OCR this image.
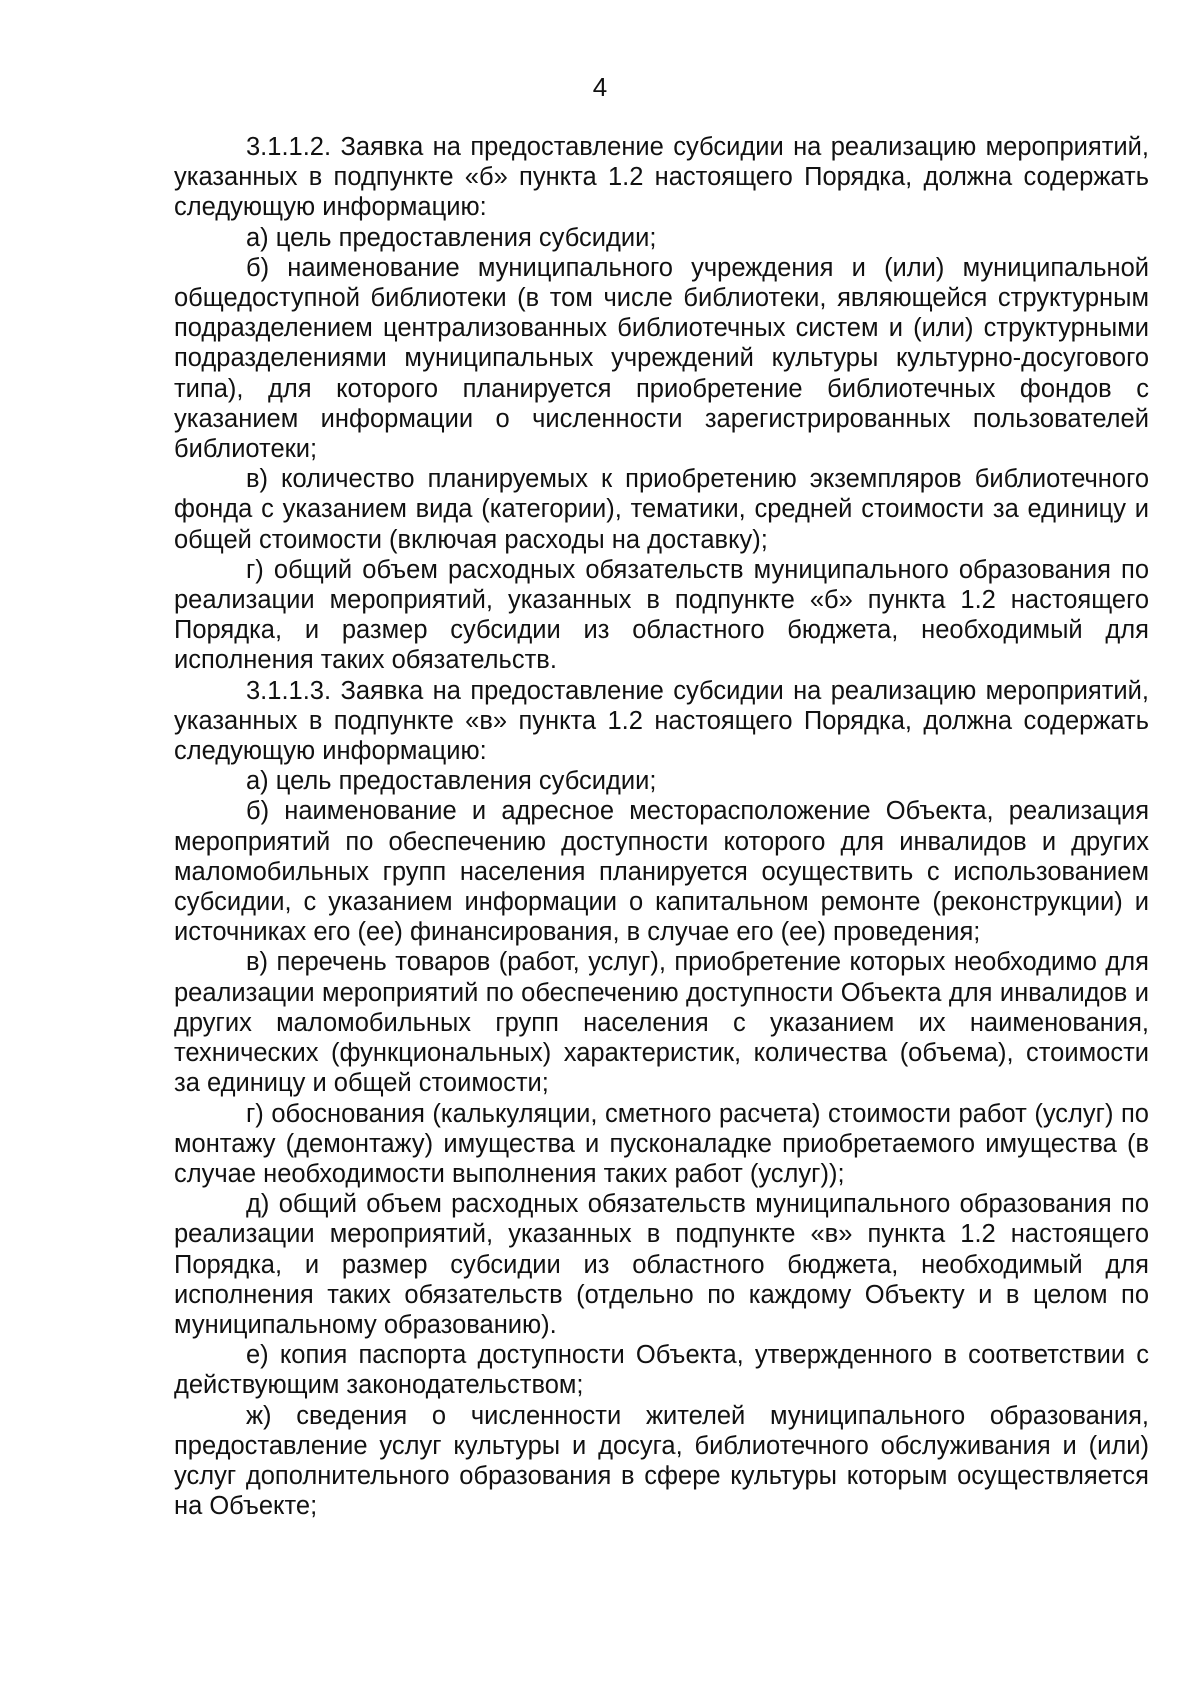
4

3.1.1.2. Заявка на предоставление субсидии на реализацию мероприятий, указанных в подпункте «б» пункта 1.2 настоящего Порядка, должна содержать следующую информацию:

а) цель предоставления субсидии;

б) наименование муниципального учреждения и (или) муниципальной общедоступной библиотеки (в том числе библиотеки, являющейся структурным подразделением централизованных библиотечных систем и (или) структурными подразделениями муниципальных учреждений культуры культурно-досугового типа), для которого планируется приобретение библиотечных фондов с указанием информации о численности зарегистрированных пользователей библиотеки;

в) количество планируемых к приобретению экземпляров библиотечного фонда с указанием вида (категории), тематики, средней стоимости за единицу и общей стоимости (включая расходы на доставку);

г) общий объем расходных обязательств муниципального образования по реализации мероприятий, указанных в подпункте «б» пункта 1.2 настоящего Порядка, и размер субсидии из областного бюджета, необходимый для исполнения таких обязательств.

3.1.1.3. Заявка на предоставление субсидии на реализацию мероприятий, указанных в подпункте «в» пункта 1.2 настоящего Порядка, должна содержать следующую информацию:

а) цель предоставления субсидии;

б) наименование и адресное месторасположение Объекта, реализация мероприятий по обеспечению доступности которого для инвалидов и других маломобильных групп населения планируется осуществить с использованием субсидии, с указанием информации о капитальном ремонте (реконструкции) и источниках его (ее) финансирования, в случае его (ее) проведения;

в) перечень товаров (работ, услуг), приобретение которых необходимо для реализации мероприятий по обеспечению доступности Объекта для инвалидов и других маломобильных групп населения с указанием их наименования, технических (функциональных) характеристик, количества (объема), стоимости за единицу и общей стоимости;

г) обоснования (калькуляции, сметного расчета) стоимости работ (услуг) по монтажу (демонтажу) имущества и пусконаладке приобретаемого имущества (в случае необходимости выполнения таких работ (услуг));

д) общий объем расходных обязательств муниципального образования по реализации мероприятий, указанных в подпункте «в» пункта 1.2 настоящего Порядка, и размер субсидии из областного бюджета, необходимый для исполнения таких обязательств (отдельно по каждому Объекту и в целом по муниципальному образованию).

е) копия паспорта доступности Объекта, утвержденного в соответствии с действующим законодательством;

ж) сведения о численности жителей муниципального образования, предоставление услуг культуры и досуга, библиотечного обслуживания и (или) услуг дополнительного образования в сфере культуры которым осуществляется на Объекте;
